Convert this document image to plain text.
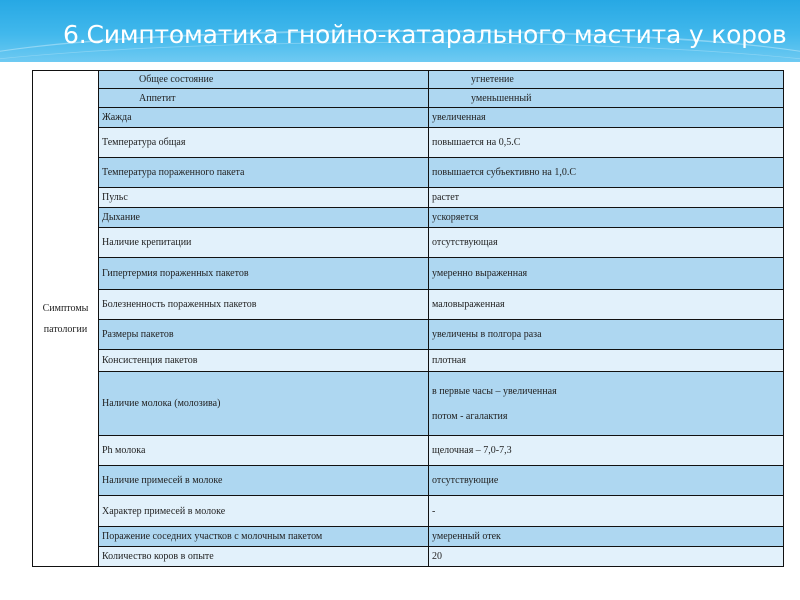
6.Симптоматика гнойно-катарального мастита у коров
Симптомы
патологии	Общее состояние	угнетение
	Аппетит	уменьшенный
	Жажда	увеличенная
	Температура общая	повышается на 0,5.С
	Температура пораженного пакета	повышается субъективно на 1,0.С
	Пульс	растет
	Дыхание	ускоряется
	Наличие крепитации	отсутствующая
	Гипертермия пораженных пакетов	умеренно выраженная
	Болезненность пораженных пакетов	маловыраженная
	Размеры пакетов	увеличены в полгора раза
	Консистенция пакетов	плотная
	Наличие молока (молозива)	в первые часы – увеличенная
потом - агалактия

	Ph молока	щелочная – 7,0-7,3
	Наличие примесей в молоке	отсутствующие
	Характер примесей в молоке	-
	Поражение соседних участков с молочным пакетом	умеренный отек
	Количество коров в опыте	20
